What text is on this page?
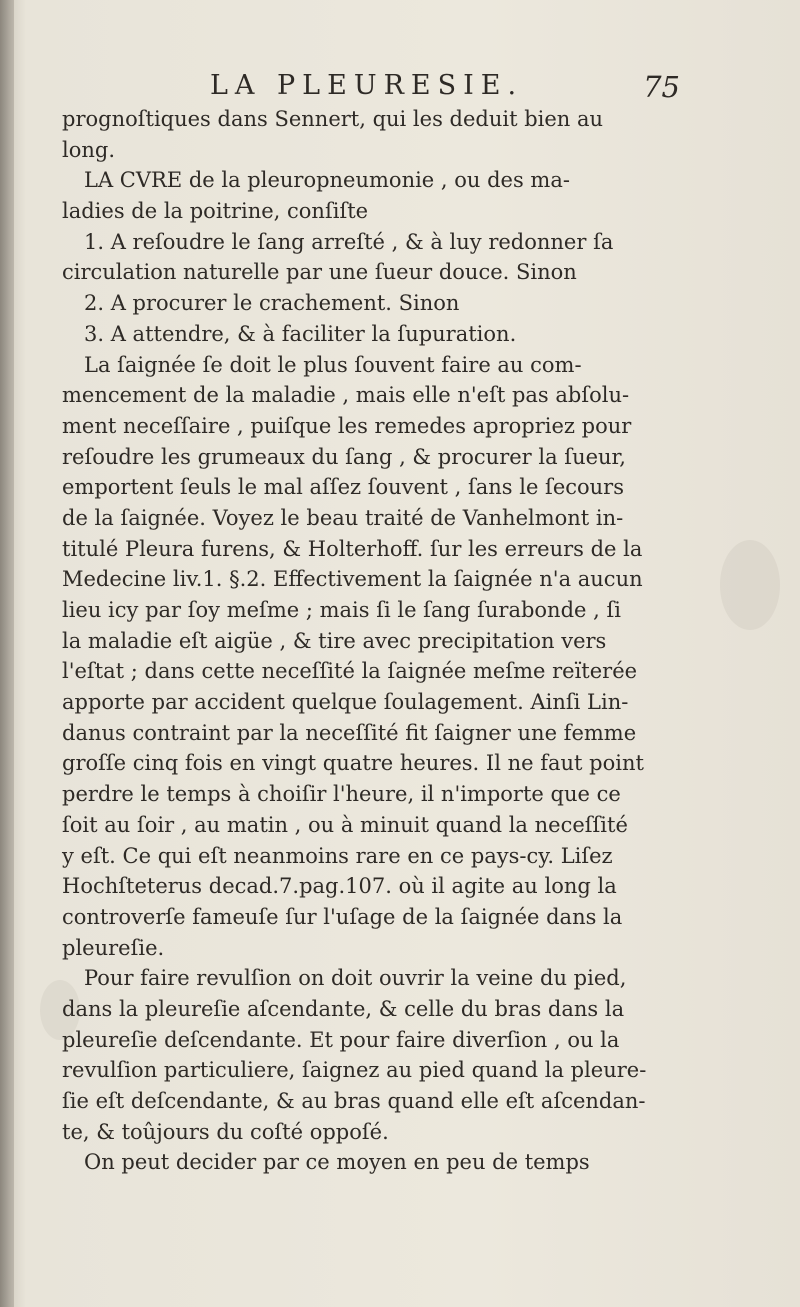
LA PLEURESIE.	75
prognoſtiques dans Sennert, qui les deduit bien au
long.
LA CVRE de la pleuropneumonie , ou des ma-
ladies de la poitrine, conſiſte
1. A reſoudre le ſang arreſté , & à luy redonner ſa
circulation naturelle par une ſueur douce. Sinon
2. A procurer le crachement. Sinon
3. A attendre, & à faciliter la ſupuration.
La ſaignée ſe doit le plus ſouvent faire au com-
mencement de la maladie , mais elle n'eſt pas abſolu-
ment neceſſaire , puiſque les remedes apropriez pour
reſoudre les grumeaux du ſang , & procurer la ſueur,
emportent ſeuls le mal aſſez ſouvent , ſans le ſecours
de la ſaignée. Voyez le beau traité de Vanhelmont in-
titulé Pleura furens, & Holterhoff. ſur les erreurs de la
Medecine liv.1. §.2. Effectivement la ſaignée n'a aucun
lieu icy par ſoy meſme ; mais ſi le ſang ſurabonde , ſi
la maladie eſt aigüe , & tire avec precipitation vers
l'eſtat ; dans cette neceſſité la ſaignée meſme reïterée
apporte par accident quelque ſoulagement. Ainſi Lin-
danus contraint par la neceſſité fit ſaigner une femme
groſſe cinq fois en vingt quatre heures. Il ne faut point
perdre le temps à choiſir l'heure, il n'importe que ce
ſoit au ſoir , au matin , ou à minuit quand la neceſſité
y eſt. Ce qui eſt neanmoins rare en ce pays-cy. Liſez
Hochſteterus decad.7.pag.107. où il agite au long la
controverſe fameuſe ſur l'uſage de la ſaignée dans la
pleureſie.
Pour faire revulſion on doit ouvrir la veine du pied,
dans la pleureſie aſcendante, & celle du bras dans la
pleureſie deſcendante. Et pour faire diverſion , ou la
revulſion particuliere, ſaignez au pied quand la pleure-
ſie eſt deſcendante, & au bras quand elle eſt aſcendan-
te, & toûjours du coſté oppoſé.
On peut decider par ce moyen en peu de temps
